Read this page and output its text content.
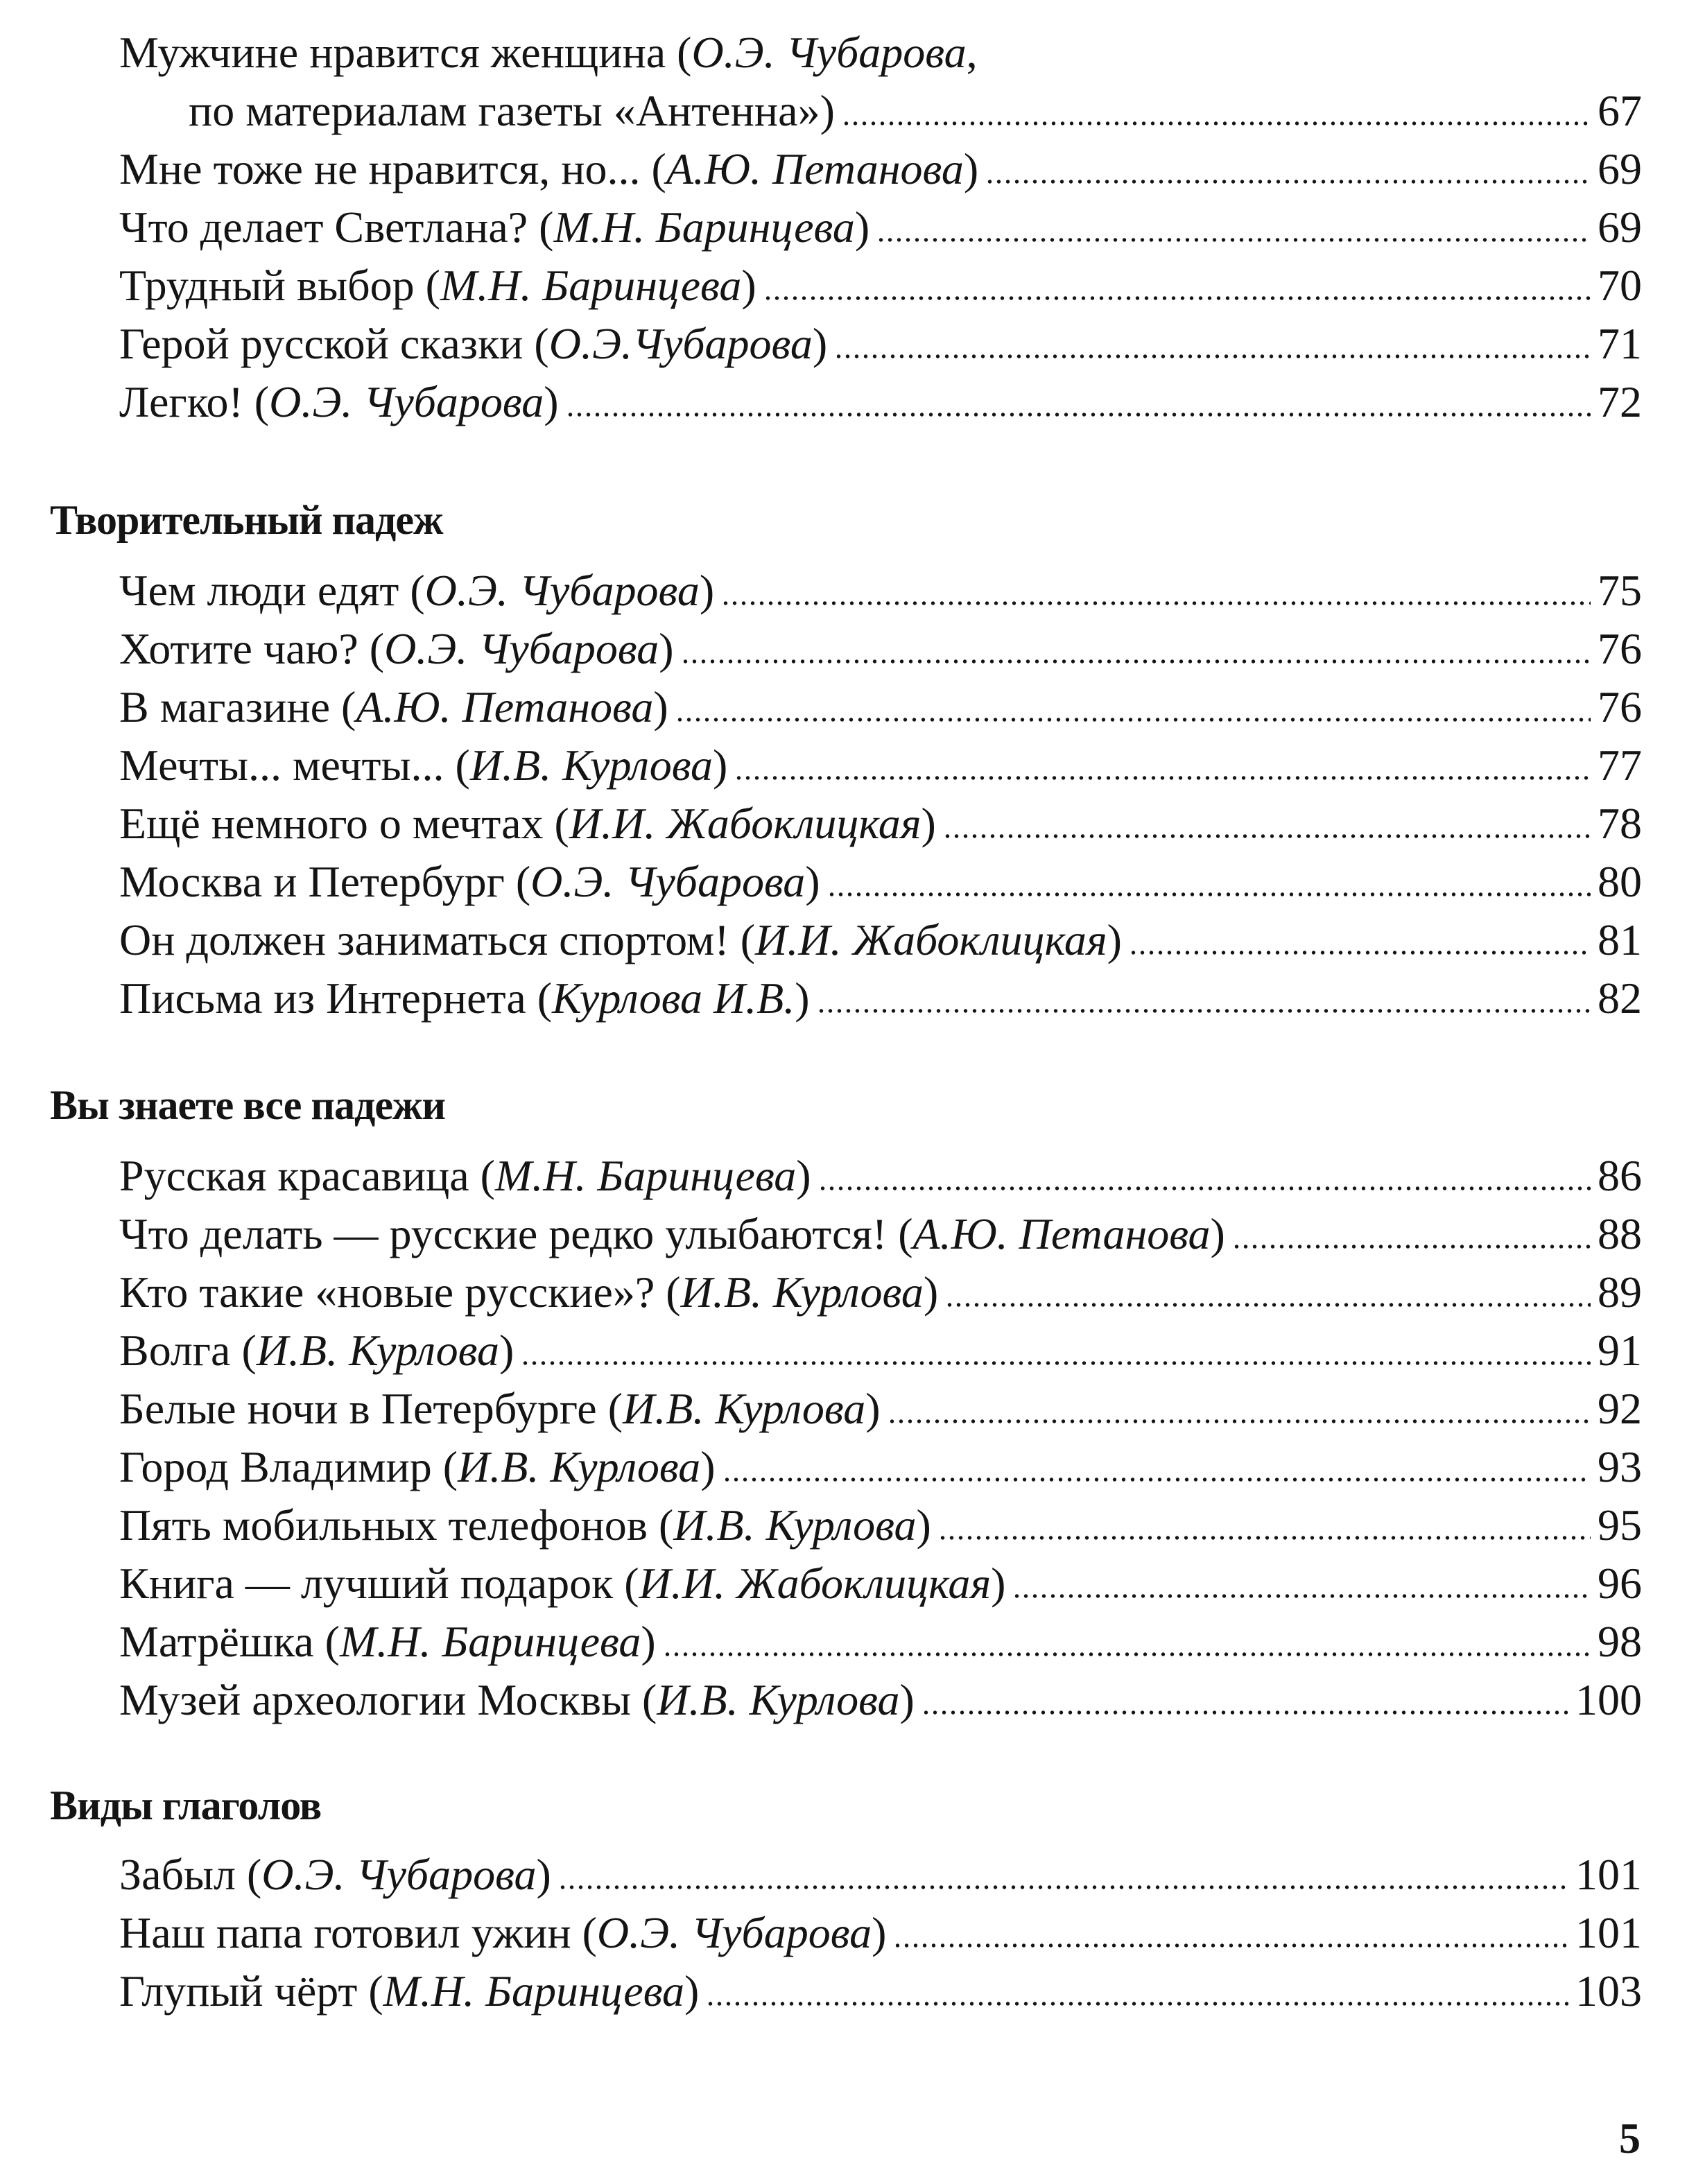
Мужчине нравится женщина ( О.Э. Чубарова ,
по материалам газеты «Антенна»)	67
Мне тоже не нравится, но... ( А.Ю. Петанова )	69
Что делает Светлана? ( М.Н. Баринцева )	69
Трудный выбор ( М.Н. Баринцева )	70
Герой русской сказки ( О.Э.Чубарова )	71
Легко! ( О.Э. Чубарова )	72
Творительный падеж
Чем люди едят ( О.Э. Чубарова )	75
Хотите чаю? ( О.Э. Чубарова )	76
В магазине ( А.Ю. Петанова )	76
Мечты... мечты... ( И.В. Курлова )	77
Ещё немного о мечтах ( И.И. Жабоклицкая )	78
Москва и Петербург ( О.Э. Чубарова )	80
Он должен заниматься спортом! ( И.И. Жабоклицкая )	81
Письма из Интернета ( Курлова И.В. )	82
Вы знаете все падежи
Русская красавица ( М.Н. Баринцева )	86
Что делать — русские редко улыбаются! ( А.Ю. Петанова )	88
Кто такие «новые русские»? ( И.В. Курлова )	89
Волга ( И.В. Курлова )	91
Белые ночи в Петербурге ( И.В. Курлова )	92
Город Владимир ( И.В. Курлова )	93
Пять мобильных телефонов ( И.В. Курлова )	95
Книга — лучший подарок ( И.И. Жабоклицкая )	96
Матрёшка ( М.Н. Баринцева )	98
Музей археологии Москвы ( И.В. Курлова )	100
Виды глаголов
Забыл ( О.Э. Чубарова )	101
Наш папа готовил ужин ( О.Э. Чубарова )	101
Глупый чёрт ( М.Н. Баринцева )	103
5
